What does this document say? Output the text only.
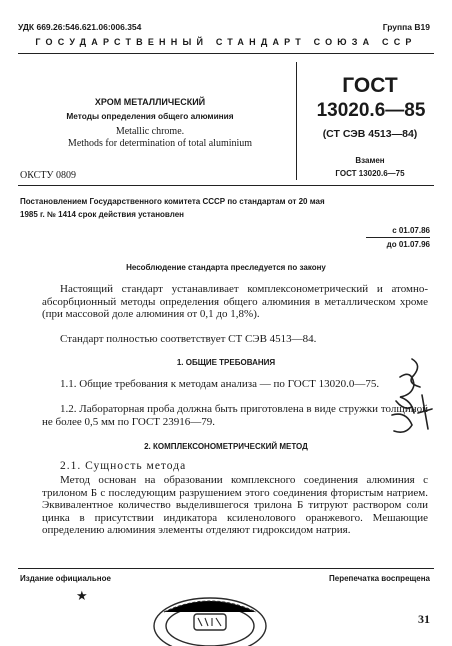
УДК 669.26:546.621.06:006.354	Группа В19
ГОСУДАРСТВЕННЫЙ СТАНДАРТ СОЮЗА ССР
ХРОМ МЕТАЛЛИЧЕСКИЙ
Методы определения общего алюминия
Metallic chrome.
Methods for determination of total aluminium
ОКСТУ 0809
ГОСТ
13020.6—85
(СТ СЭВ 4513—84)
Взамен
ГОСТ 13020.6—75
Постановлением Государственного комитета СССР по стандартам от 20 мая
1985 г. № 1414 срок действия установлен
с 01.07.86
до 01.07.96
Несоблюдение стандарта преследуется по закону
Настоящий стандарт устанавливает комплексонометрический и атомно-абсорбционный методы определения общего алюминия в металлическом хроме (при массовой доле алюминия от 0,1 до 1,8%).
Стандарт полностью соответствует СТ СЭВ 4513—84.
1. ОБЩИЕ ТРЕБОВАНИЯ
1.1. Общие требования к методам анализа — по ГОСТ 13020.0—75.
1.2. Лабораторная проба должна быть приготовлена в виде стружки толщиной не более 0,5 мм по ГОСТ 23916—79.
2. КОМПЛЕКСОНОМЕТРИЧЕСКИЙ МЕТОД
2.1. Сущность метода
Метод основан на образовании комплексного соединения алюминия с трилоном Б с последующим разрушением этого соединения фтористым натрием. Эквивалентное количество выделившегося трилона Б титруют раствором соли цинка в присутствии индикатора ксиленолового оранжевого. Мешающие определению алюминия элементы отделяют гидроксидом натрия.
Издание официальное	Перепечатка воспрещена
★
31
